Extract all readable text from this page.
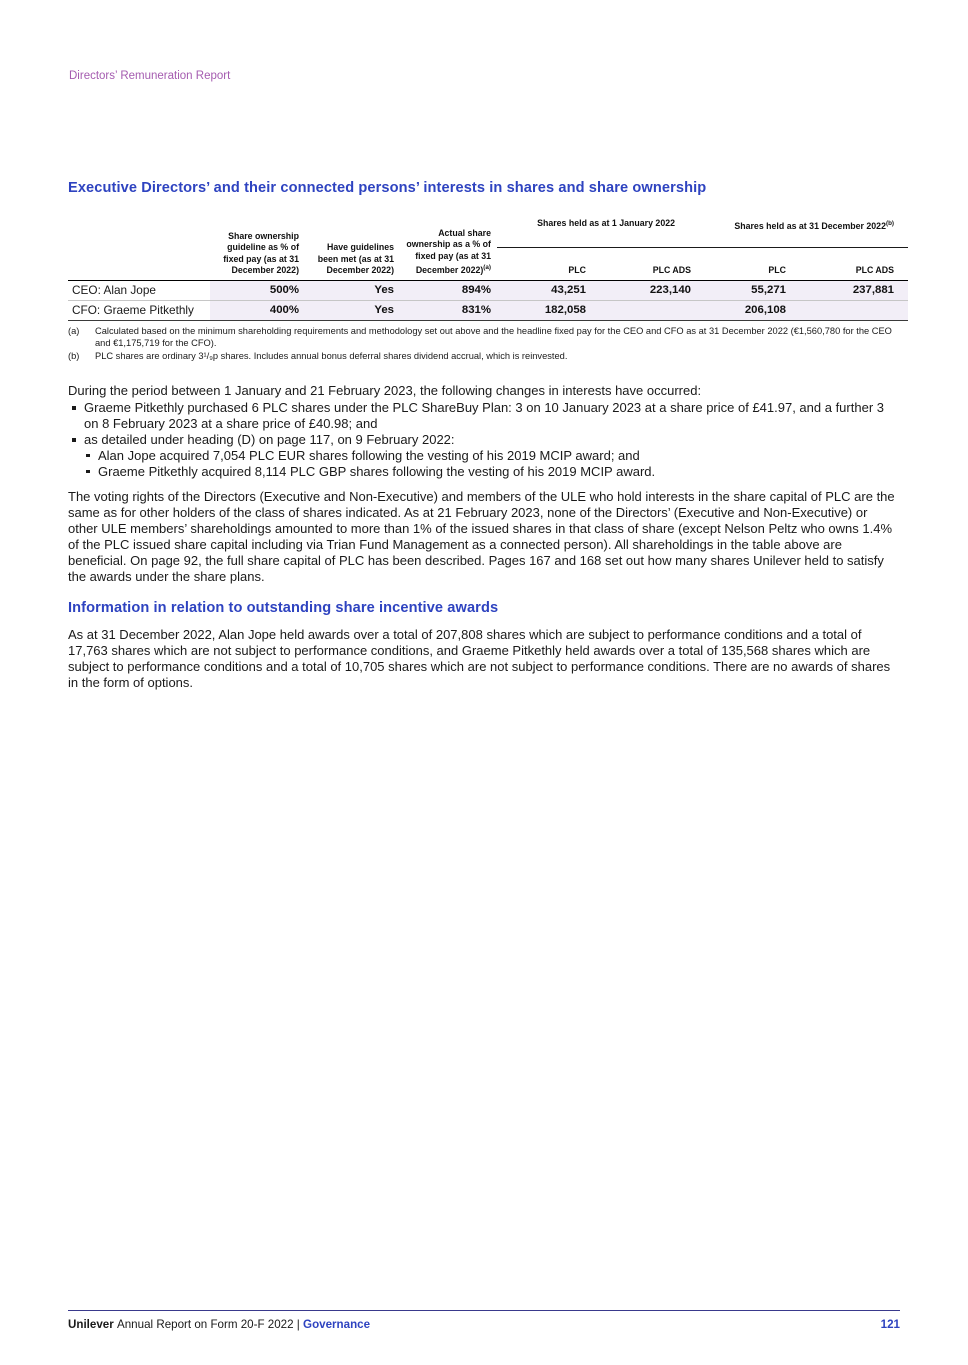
Directors’ Remuneration Report
Executive Directors’ and their connected persons’ interests in shares and share ownership
	Share ownership guideline as % of fixed pay (as at 31 December 2022)	Have guidelines been met (as at 31 December 2022)	Actual share ownership as a % of fixed pay (as at 31 December 2022)$^{(a)}$	Shares held as at 1 January 2022		Shares held as at 31 December 2022$^{(b)}$
				PLC	PLC ADS	PLC	PLC ADS
CEO: Alan Jope	500%	Yes	894%	43,251	223,140	55,271	237,881
CFO: Graeme Pitkethly	400%	Yes	831%	182,058		206,108	
(a)	Calculated based on the minimum shareholding requirements and methodology set out above and the headline fixed pay for the CEO and CFO as at 31 December 2022 (€1,560,780 for the CEO and €1,175,719 for the CFO).
(b)	PLC shares are ordinary 3¹/₉p shares. Includes annual bonus deferral shares dividend accrual, which is reinvested.
During the period between 1 January and 21 February 2023, the following changes in interests have occurred:
Graeme Pitkethly purchased 6 PLC shares under the PLC ShareBuy Plan: 3 on 10 January 2023 at a share price of £41.97, and a further 3 on 8 February 2023 at a share price of £40.98; and
as detailed under heading (D) on page 117, on 9 February 2022:
Alan Jope acquired 7,054 PLC EUR shares following the vesting of his 2019 MCIP award; and
Graeme Pitkethly acquired 8,114 PLC GBP shares following the vesting of his 2019 MCIP award.
The voting rights of the Directors (Executive and Non-Executive) and members of the ULE who hold interests in the share capital of PLC are the same as for other holders of the class of shares indicated. As at 21 February 2023, none of the Directors’ (Executive and Non-Executive) or other ULE members’ shareholdings amounted to more than 1% of the issued shares in that class of share (except Nelson Peltz who owns 1.4% of the PLC issued share capital including via Trian Fund Management as a connected person). All shareholdings in the table above are beneficial. On page 92, the full share capital of PLC has been described. Pages 167 and 168 set out how many shares Unilever held to satisfy the awards under the share plans.
Information in relation to outstanding share incentive awards
As at 31 December 2022, Alan Jope held awards over a total of 207,808 shares which are subject to performance conditions and a total of 17,763 shares which are not subject to performance conditions, and Graeme Pitkethly held awards over a total of 135,568 shares which are subject to performance conditions and a total of 10,705 shares which are not subject to performance conditions. There are no awards of shares in the form of options.
Unilever
Annual Report on Form 20-F 2022 |
Governance	121
